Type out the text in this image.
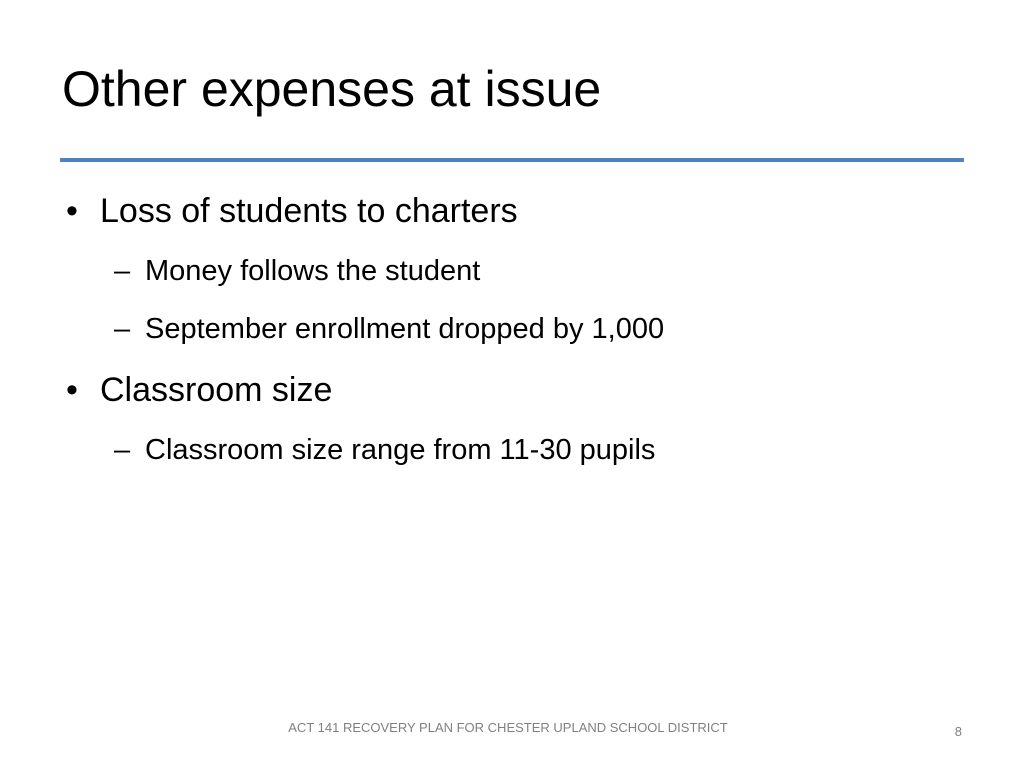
Other expenses at issue
• Loss of students to charters
– Money follows the student
– September enrollment dropped by 1,000
• Classroom size
– Classroom size range from 11-30 pupils
ACT 141 RECOVERY PLAN FOR CHESTER UPLAND SCHOOL DISTRICT	8
